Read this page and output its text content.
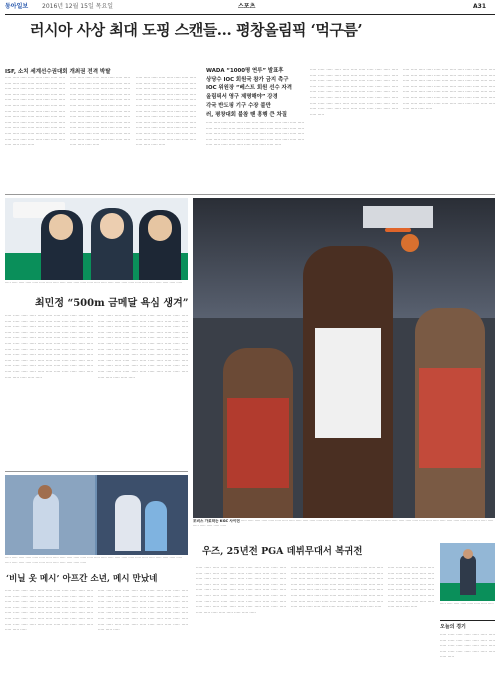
동아일보 2016년 12월 15일 목요일	스포츠	A31
러시아 사상 최대 도핑 스캔들… 평창올림픽 ‘먹구름’
ISF, 소치 세계선수권대회 개최권 전격 박탈
····· ····· ····· ····· ····· ····· ····· ····· ····· ····· ····· ····· ····· ····· ····· ····· ····· ····· ····· ····· ····· ····· ····· ····· ····· ····· ····· ····· ····· ····· ····· ····· ····· ····· ····· ····· ····· ····· ····· ····· ····· ····· ····· ····· ····· ····· ····· ····· ····· ····· ····· ····· ····· ····· ····· ····· ····· ····· ····· ····· ····· ····· ····· ····· ····· ····· ····· ····· ····· ····· ····· ····· ····· ····· ····· ····· ····· ····· ····· ····· ····· ····· ····· ····· ····· ····· ····· ····· ····· ····· ····· ····· ····· ····· ····· ····· ····· ····· ····· ·····
····· ····· ····· ····· ····· ····· ····· ····· ····· ····· ····· ····· ····· ····· ····· ····· ····· ····· ····· ····· ····· ····· ····· ····· ····· ····· ····· ····· ····· ····· ····· ····· ····· ····· ····· ····· ····· ····· ····· ····· ····· ····· ····· ····· ····· ····· ····· ····· ····· ····· ····· ····· ····· ····· ····· ····· ····· ····· ····· ····· ····· ····· ····· ····· ····· ····· ····· ····· ····· ····· ····· ····· ····· ····· ····· ····· ····· ····· ····· ····· ····· ····· ····· ····· ····· ····· ····· ····· ····· ····· ····· ····· ····· ····· ····· ····· ····· ····· ····· ·····
····· ····· ····· ····· ····· ····· ····· ····· ····· ····· ····· ····· ····· ····· ····· ····· ····· ····· ····· ····· ····· ····· ····· ····· ····· ····· ····· ····· ····· ····· ····· ····· ····· ····· ····· ····· ····· ····· ····· ····· ····· ····· ····· ····· ····· ····· ····· ····· ····· ····· ····· ····· ····· ····· ····· ····· ····· ····· ····· ····· ····· ····· ····· ····· ····· ····· ····· ····· ····· ····· ····· ····· ····· ····· ····· ····· ····· ····· ····· ····· ····· ····· ····· ····· ····· ····· ····· ····· ····· ····· ····· ····· ····· ····· ····· ····· ····· ····· ····· ·····
WADA “1000명 연루” 발표후
상당수 IOC 회원국 참가 금지 촉구
IOC 위원장 “베스트 회원 선수 자격
올림픽서 영구 제명해야” 강경
각국 반도핑 기구 수장 불만
러, 평창대회 불참 땐 흥행 큰 차질
····· ····· ····· ····· ····· ····· ····· ····· ····· ····· ····· ····· ····· ····· ····· ····· ····· ····· ····· ····· ····· ····· ····· ····· ····· ····· ····· ····· ····· ····· ····· ····· ····· ····· ····· ····· ····· ····· ····· ····· ····· ····· ····· ····· ····· ····· ····· ····· ····· ····· ····· ····· ····· ····· ····· ····· ····· ····· ····· ····· ····· ·····
····· ····· ····· ····· ····· ····· ····· ····· ····· ····· ····· ····· ····· ····· ····· ····· ····· ····· ····· ····· ····· ····· ····· ····· ····· ····· ····· ····· ····· ····· ····· ····· ····· ····· ····· ····· ····· ····· ····· ····· ····· ····· ····· ····· ····· ····· ····· ····· ····· ····· ····· ····· ····· ····· ····· ····· ····· ····· ····· ····· ····· ····· ····· ····· ····· ····· ····· ····· ····· ····· ····· ····· ····· ····· ····· ····· ····· ····· ····· ····· ····· ····· ····· ····· ····· ····· ····· ····· ····· ·····
····· ····· ····· ····· ····· ····· ····· ····· ····· ····· ····· ····· ····· ····· ····· ····· ····· ····· ····· ····· ····· ····· ····· ····· ····· ····· ····· ····· ····· ····· ····· ····· ····· ····· ····· ····· ····· ····· ····· ····· ····· ····· ····· ····· ····· ····· ····· ····· ····· ····· ····· ····· ····· ····· ····· ····· ····· ····· ····· ····· ····· ····· ····· ····· ····· ····· ····· ····· ····· ····· ····· ····· ····· ····· ····· ····· ····· ····· ····· ····· ····· ····· ····· ····· ····· ····· ····· ·····
····· ····· ····· ····· ····· ····· ····· ····· ····· ····· ····· ····· ····· ····· ····· ····· ····· ····· ····· ····· ····· ····· ····· ····· ····· ·····
최민정 “500m 금메달 욕심 생겨”
····· ····· ····· ····· ····· ····· ····· ····· ····· ····· ····· ····· ····· ····· ····· ····· ····· ····· ····· ····· ····· ····· ····· ····· ····· ····· ····· ····· ····· ····· ····· ····· ····· ····· ····· ····· ····· ····· ····· ····· ····· ····· ····· ····· ····· ····· ····· ····· ····· ····· ····· ····· ····· ····· ····· ····· ····· ····· ····· ····· ····· ····· ····· ····· ····· ····· ····· ····· ····· ····· ····· ····· ····· ····· ····· ····· ····· ····· ····· ····· ····· ····· ····· ····· ····· ····· ····· ····· ····· ····· ····· ····· ····· ····· ····· ····· ····· ····· ····· ····· ····· ····· ····· ····· ····· ····· ····· ····· ····· ····· ····· ····· ····· ····· ····· ····· ····· ····· ····· ····· ····· ····· ····· ····· ····· ·····
····· ····· ····· ····· ····· ····· ····· ····· ····· ····· ····· ····· ····· ····· ····· ····· ····· ····· ····· ····· ····· ····· ····· ····· ····· ····· ····· ····· ····· ····· ····· ····· ····· ····· ····· ····· ····· ····· ····· ····· ····· ····· ····· ····· ····· ····· ····· ····· ····· ····· ····· ····· ····· ····· ····· ····· ····· ····· ····· ····· ····· ····· ····· ····· ····· ····· ····· ····· ····· ····· ····· ····· ····· ····· ····· ····· ····· ····· ····· ····· ····· ····· ····· ····· ····· ····· ····· ····· ····· ····· ····· ····· ····· ····· ····· ····· ····· ····· ····· ····· ····· ····· ····· ····· ····· ····· ····· ····· ····· ····· ····· ····· ····· ····· ····· ····· ····· ····· ····· ····· ····· ····· ····· ····· ····· ·····
····· ····· ····· ····· ····· ····· ····· ····· ····· ····· ····· ····· ····· ····· ····· ····· ····· ····· ····· ····· ····· ····· ····· ····· ····· ····· ····· ····· ····· ····· ····· ····· ····· ····· ····· ····· ····· ·····
‘비닐 옷 메시’ 아프간 소년, 메시 만났네
····· ····· ····· ····· ····· ····· ····· ····· ····· ····· ····· ····· ····· ····· ····· ····· ····· ····· ····· ····· ····· ····· ····· ····· ····· ····· ····· ····· ····· ····· ····· ····· ····· ····· ····· ····· ····· ····· ····· ····· ····· ····· ····· ····· ····· ····· ····· ····· ····· ····· ····· ····· ····· ····· ····· ····· ····· ····· ····· ····· ····· ····· ····· ····· ····· ····· ····· ····· ····· ····· ····· ····· ····· ····· ····· ····· ····· ····· ····· ·····
····· ····· ····· ····· ····· ····· ····· ····· ····· ····· ····· ····· ····· ····· ····· ····· ····· ····· ····· ····· ····· ····· ····· ····· ····· ····· ····· ····· ····· ····· ····· ····· ····· ····· ····· ····· ····· ····· ····· ····· ····· ····· ····· ····· ····· ····· ····· ····· ····· ····· ····· ····· ····· ····· ····· ····· ····· ····· ····· ····· ····· ····· ····· ····· ····· ····· ····· ····· ····· ····· ····· ····· ····· ····· ····· ····· ····· ····· ····· ·····
모비스 가로막는 KGC 사이먼 ····· ····· ····· ····· ····· ····· ····· ····· ····· ····· ····· ····· ····· ····· ····· ····· ····· ····· ····· ····· ····· ····· ····· ····· ····· ····· ····· ····· ····· ····· ····· ····· ····· ····· ····· ····· ····· ····· ····· ····· ····· ·····
우즈, 25년전 PGA 데뷔무대서 복귀전
····· ····· ····· ····· ····· ····· ····· ····· ····· ····· ····· ····· ····· ····· ····· ····· ····· ····· ····· ····· ····· ····· ····· ····· ····· ····· ····· ····· ····· ····· ····· ····· ····· ····· ····· ····· ····· ····· ····· ····· ····· ····· ····· ····· ····· ····· ····· ····· ····· ····· ····· ····· ····· ····· ····· ····· ····· ····· ····· ····· ····· ····· ····· ····· ····· ····· ····· ····· ····· ····· ····· ····· ····· ····· ····· ····· ····· ····· ····· ····· ····· ····· ····· ····· ····· ····· ····· ····· ····· ····· ····· ····· ····· ····· ····· ·····
····· ····· ····· ····· ····· ····· ····· ····· ····· ····· ····· ····· ····· ····· ····· ····· ····· ····· ····· ····· ····· ····· ····· ····· ····· ····· ····· ····· ····· ····· ····· ····· ····· ····· ····· ····· ····· ····· ····· ····· ····· ····· ····· ····· ····· ····· ····· ····· ····· ····· ····· ····· ····· ····· ····· ····· ····· ····· ····· ····· ····· ····· ····· ····· ····· ····· ····· ····· ····· ····· ····· ····· ····· ····· ····· ····· ····· ····· ····· ····· ····· ····· ····· ····· ····· ····· ····· ····· ····· ····· ····· ····· ····· ····· ····· ·····
····· ····· ····· ····· ····· ····· ····· ····· ····· ····· ····· ····· ····· ····· ····· ····· ····· ····· ····· ····· ····· ····· ····· ····· ····· ····· ····· ····· ····· ····· ····· ····· ····· ····· ····· ····· ····· ····· ····· ····· ····· ····· ····· ····· ····· ·····
····· ····· ····· ····· ····· ····· ····· ·····
오늘의 경기
····· ····· ····· ····· ····· ····· ····· ····· ····· ····· ····· ····· ····· ····· ····· ····· ····· ····· ····· ····· ····· ····· ····· ····· ····· ····· ····· ····· ····· ·····
